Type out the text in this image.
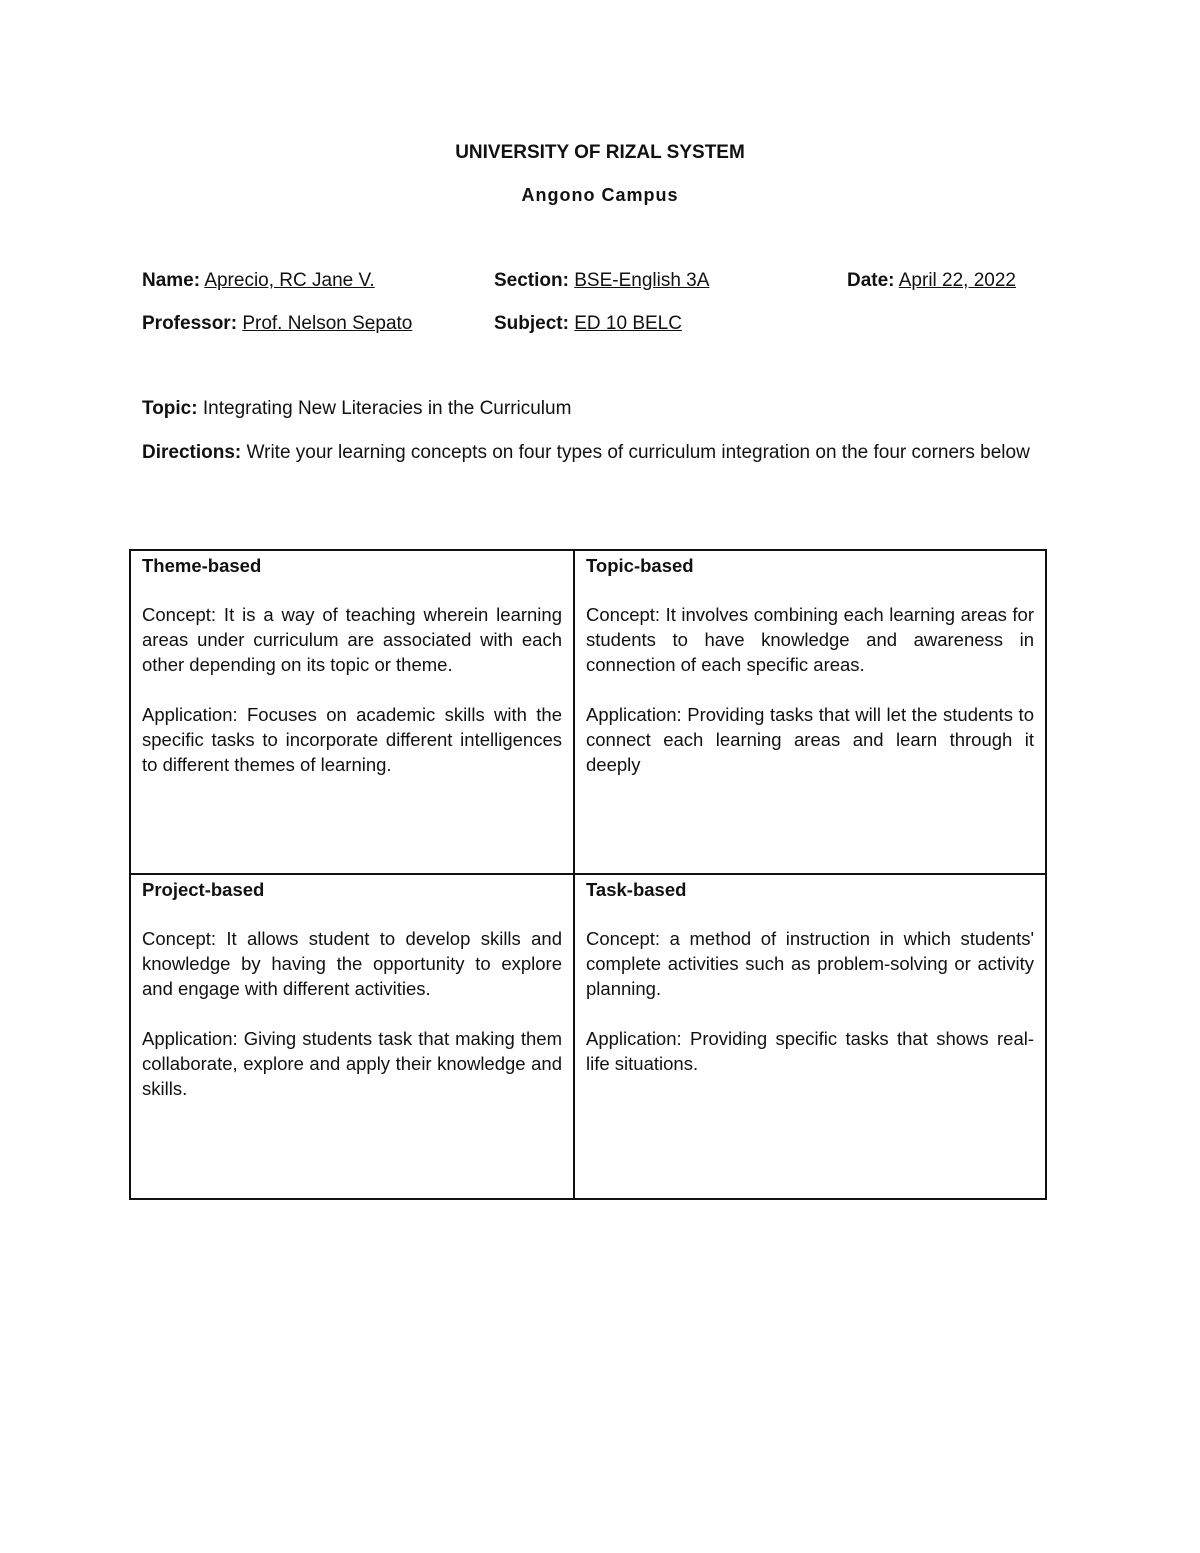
UNIVERSITY OF RIZAL SYSTEM
Angono Campus
Name: Aprecio, RC Jane V.	Section: BSE-English 3A	Date: April 22, 2022
Professor: Prof. Nelson Sepato	Subject: ED 10 BELC
Topic: Integrating New Literacies in the Curriculum
Directions: Write your learning concepts on four types of curriculum integration on the four corners below
Theme-based

Concept: It is a way of teaching wherein learning areas under curriculum are associated with each other depending on its topic or theme.

Application: Focuses on academic skills with the specific tasks to incorporate different intelligences to different themes of learning.

Topic-based

Concept: It involves combining each learning areas for students to have knowledge and awareness in connection of each specific areas.

Application: Providing tasks that will let the students to connect each learning areas and learn through it deeply

Project-based

Concept: It allows student to develop skills and knowledge by having the opportunity to explore and engage with different activities.

Application: Giving students task that making them collaborate, explore and apply their knowledge and skills.

Task-based

Concept: a method of instruction in which students' complete activities such as problem-solving or activity planning.

Application: Providing specific tasks that shows real-life situations.
